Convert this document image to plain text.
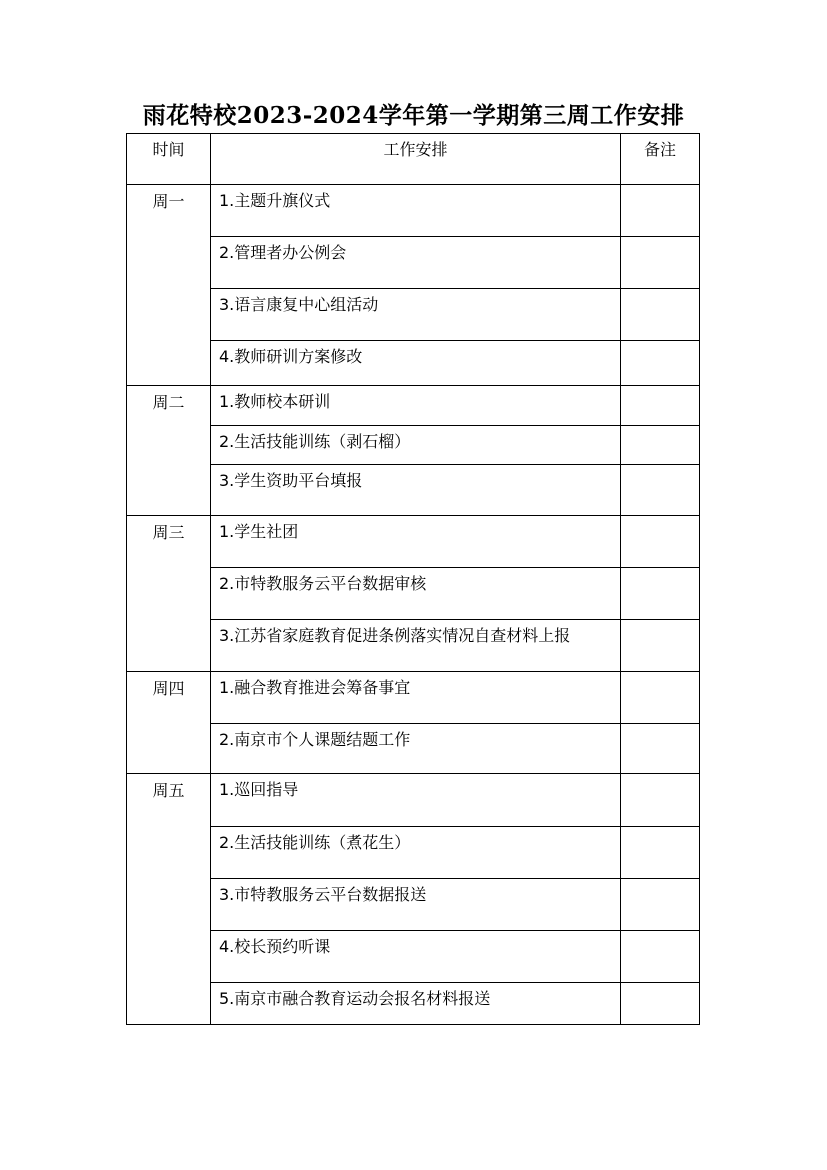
雨花特校2023-2024学年第一学期第三周工作安排
时间	工作安排	备注
周一	1.主题升旗仪式	
	2.管理者办公例会	
	3.语言康复中心组活动	
	4.教师研训方案修改	
周二	1.教师校本研训	
	2.生活技能训练（剥石榴）	
	3.学生资助平台填报	
周三	1.学生社团	
	2.市特教服务云平台数据审核	
	3.江苏省家庭教育促进条例落实情况自查材料上报	
周四	1.融合教育推进会筹备事宜	
	2.南京市个人课题结题工作	
周五	1.巡回指导	
	2.生活技能训练（煮花生）	
	3.市特教服务云平台数据报送	
	4.校长预约听课	
	5.南京市融合教育运动会报名材料报送	
